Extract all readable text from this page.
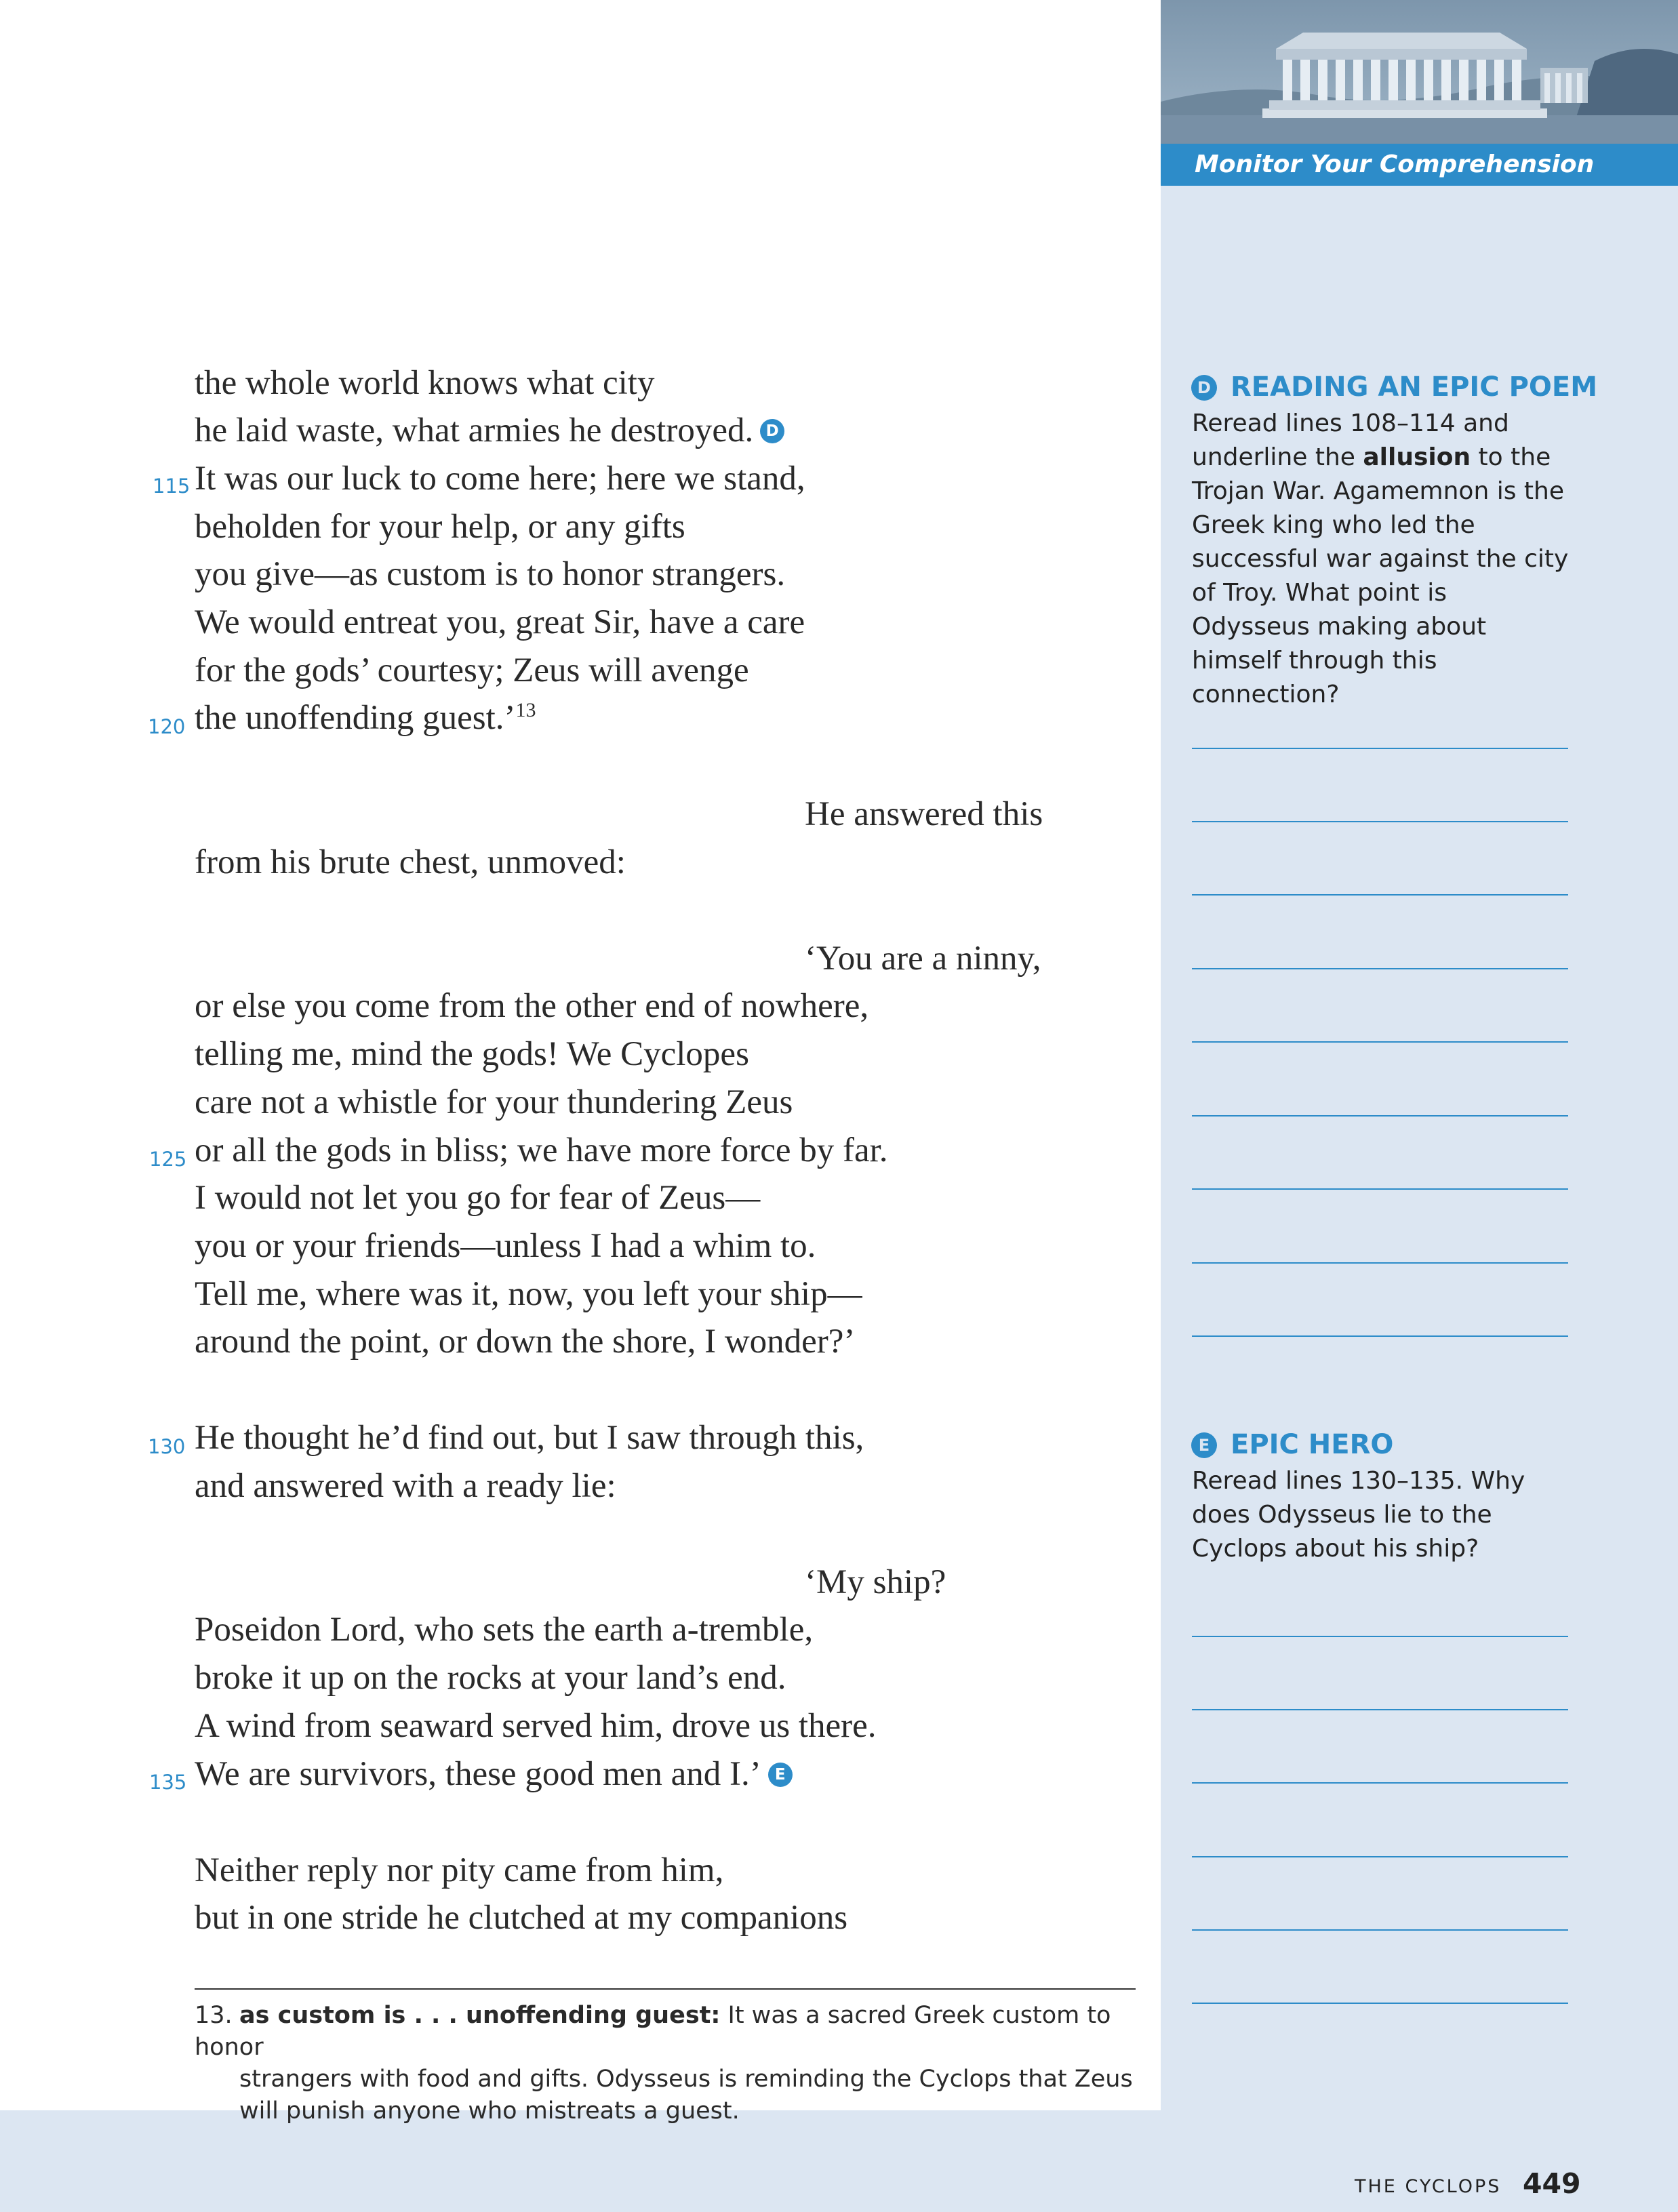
Monitor Your Comprehension
the whole world knows what city
he laid waste, what armies he destroyed. D
115 It was our luck to come here; here we stand,
beholden for your help, or any gifts
you give—as custom is to honor strangers.
We would entreat you, great Sir, have a care
for the gods’ courtesy; Zeus will avenge
120 the unoffending guest.’$^{13}$
He answered this
from his brute chest, unmoved:
‘You are a ninny,
or else you come from the other end of nowhere,
telling me, mind the gods! We Cyclopes
care not a whistle for your thundering Zeus
125 or all the gods in bliss; we have more force by far.
I would not let you go for fear of Zeus—
you or your friends—unless I had a whim to.
Tell me, where was it, now, you left your ship—
around the point, or down the shore, I wonder?’
130 He thought he’d find out, but I saw through this,
and answered with a ready lie:
‘My ship?
Poseidon Lord, who sets the earth a-tremble,
broke it up on the rocks at your land’s end.
A wind from seaward served him, drove us there.
135 We are survivors, these good men and I.’ E
Neither reply nor pity came from him,
but in one stride he clutched at my companions
13. as custom is . . . unoffending guest: It was a sacred Greek custom to honor
strangers with food and gifts. Odysseus is reminding the Cyclops that Zeus
will punish anyone who mistreats a guest.
D READING AN EPIC POEM
Reread lines 108–114 and underline the allusion to the Trojan War. Agamemnon is the Greek king who led the successful war against the city of Troy. What point is Odysseus making about himself through this connection?
E EPIC HERO
Reread lines 130–135. Why does Odysseus lie to the Cyclops about his ship?
THE CYCLOPS 449
